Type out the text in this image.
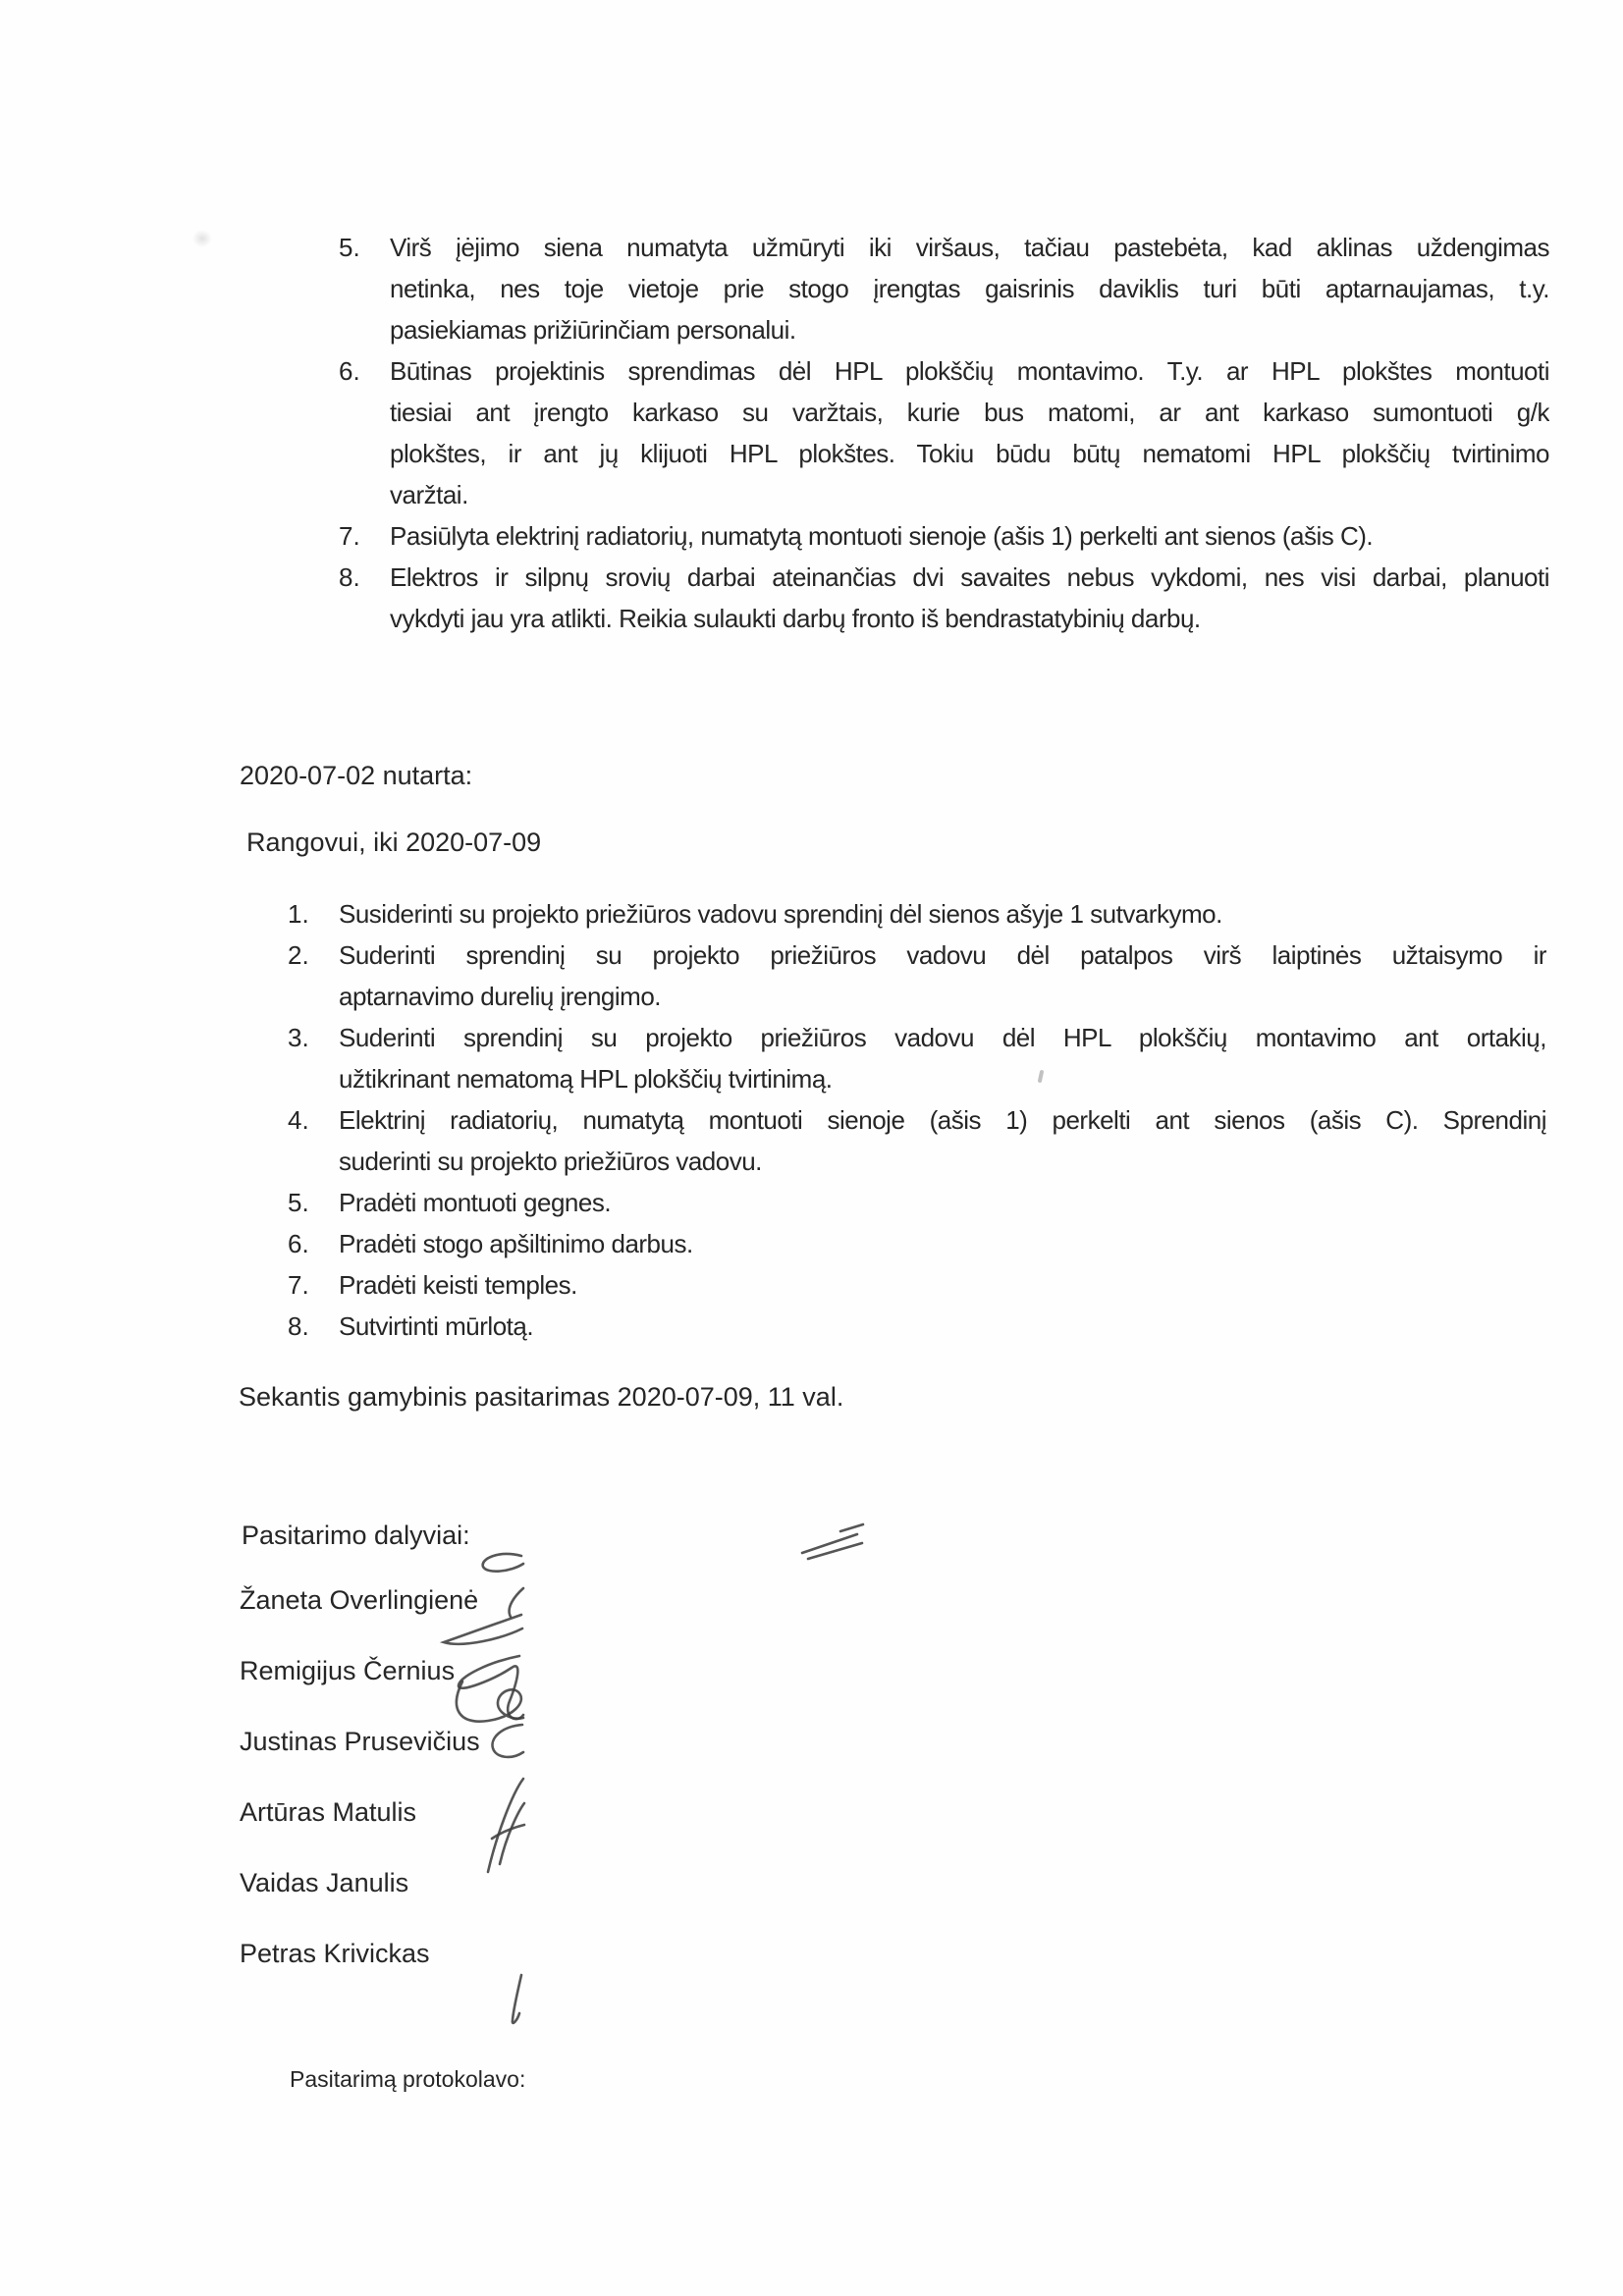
5.	Virš įėjimo siena numatyta užmūryti iki viršaus, tačiau pastebėta, kad aklinas uždengimas
netinka, nes toje vietoje prie stogo įrengtas gaisrinis daviklis turi būti aptarnaujamas, t.y.
pasiekiamas prižiūrinčiam personalui.
6.	Būtinas projektinis sprendimas dėl HPL plokščių montavimo. T.y. ar HPL plokštes montuoti
tiesiai ant įrengto karkaso su varžtais, kurie bus matomi, ar ant karkaso sumontuoti g/k
plokštes, ir ant jų klijuoti HPL plokštes. Tokiu būdu būtų nematomi HPL plokščių tvirtinimo
varžtai.
7.	Pasiūlyta elektrinį radiatorių, numatytą montuoti sienoje (ašis 1) perkelti ant sienos (ašis C).
8.	Elektros ir silpnų srovių darbai ateinančias dvi savaites nebus vykdomi, nes visi darbai, planuoti
vykdyti jau yra atlikti. Reikia sulaukti darbų fronto iš bendrastatybinių darbų.
2020-07-02 nutarta:
Rangovui, iki 2020-07-09
1.	Susiderinti su projekto priežiūros vadovu sprendinį dėl sienos ašyje 1 sutvarkymo.
2.	Suderinti sprendinį su projekto priežiūros vadovu dėl patalpos virš laiptinės užtaisymo ir
aptarnavimo durelių įrengimo.
3.	Suderinti sprendinį su projekto priežiūros vadovu dėl HPL plokščių montavimo ant ortakių,
užtikrinant nematomą HPL plokščių tvirtinimą.
4.	Elektrinį radiatorių, numatytą montuoti sienoje (ašis 1) perkelti ant sienos (ašis C). Sprendinį
suderinti su projekto priežiūros vadovu.
5.	Pradėti montuoti gegnes.
6.	Pradėti stogo apšiltinimo darbus.
7.	Pradėti keisti temples.
8.	Sutvirtinti mūrlotą.
Sekantis gamybinis pasitarimas 2020-07-09, 11 val.
Pasitarimo dalyviai:
Žaneta Overlingienė
Remigijus Černius
Justinas Prusevičius
Artūras Matulis
Vaidas Janulis
Petras Krivickas
Pasitarimą protokolavo:
